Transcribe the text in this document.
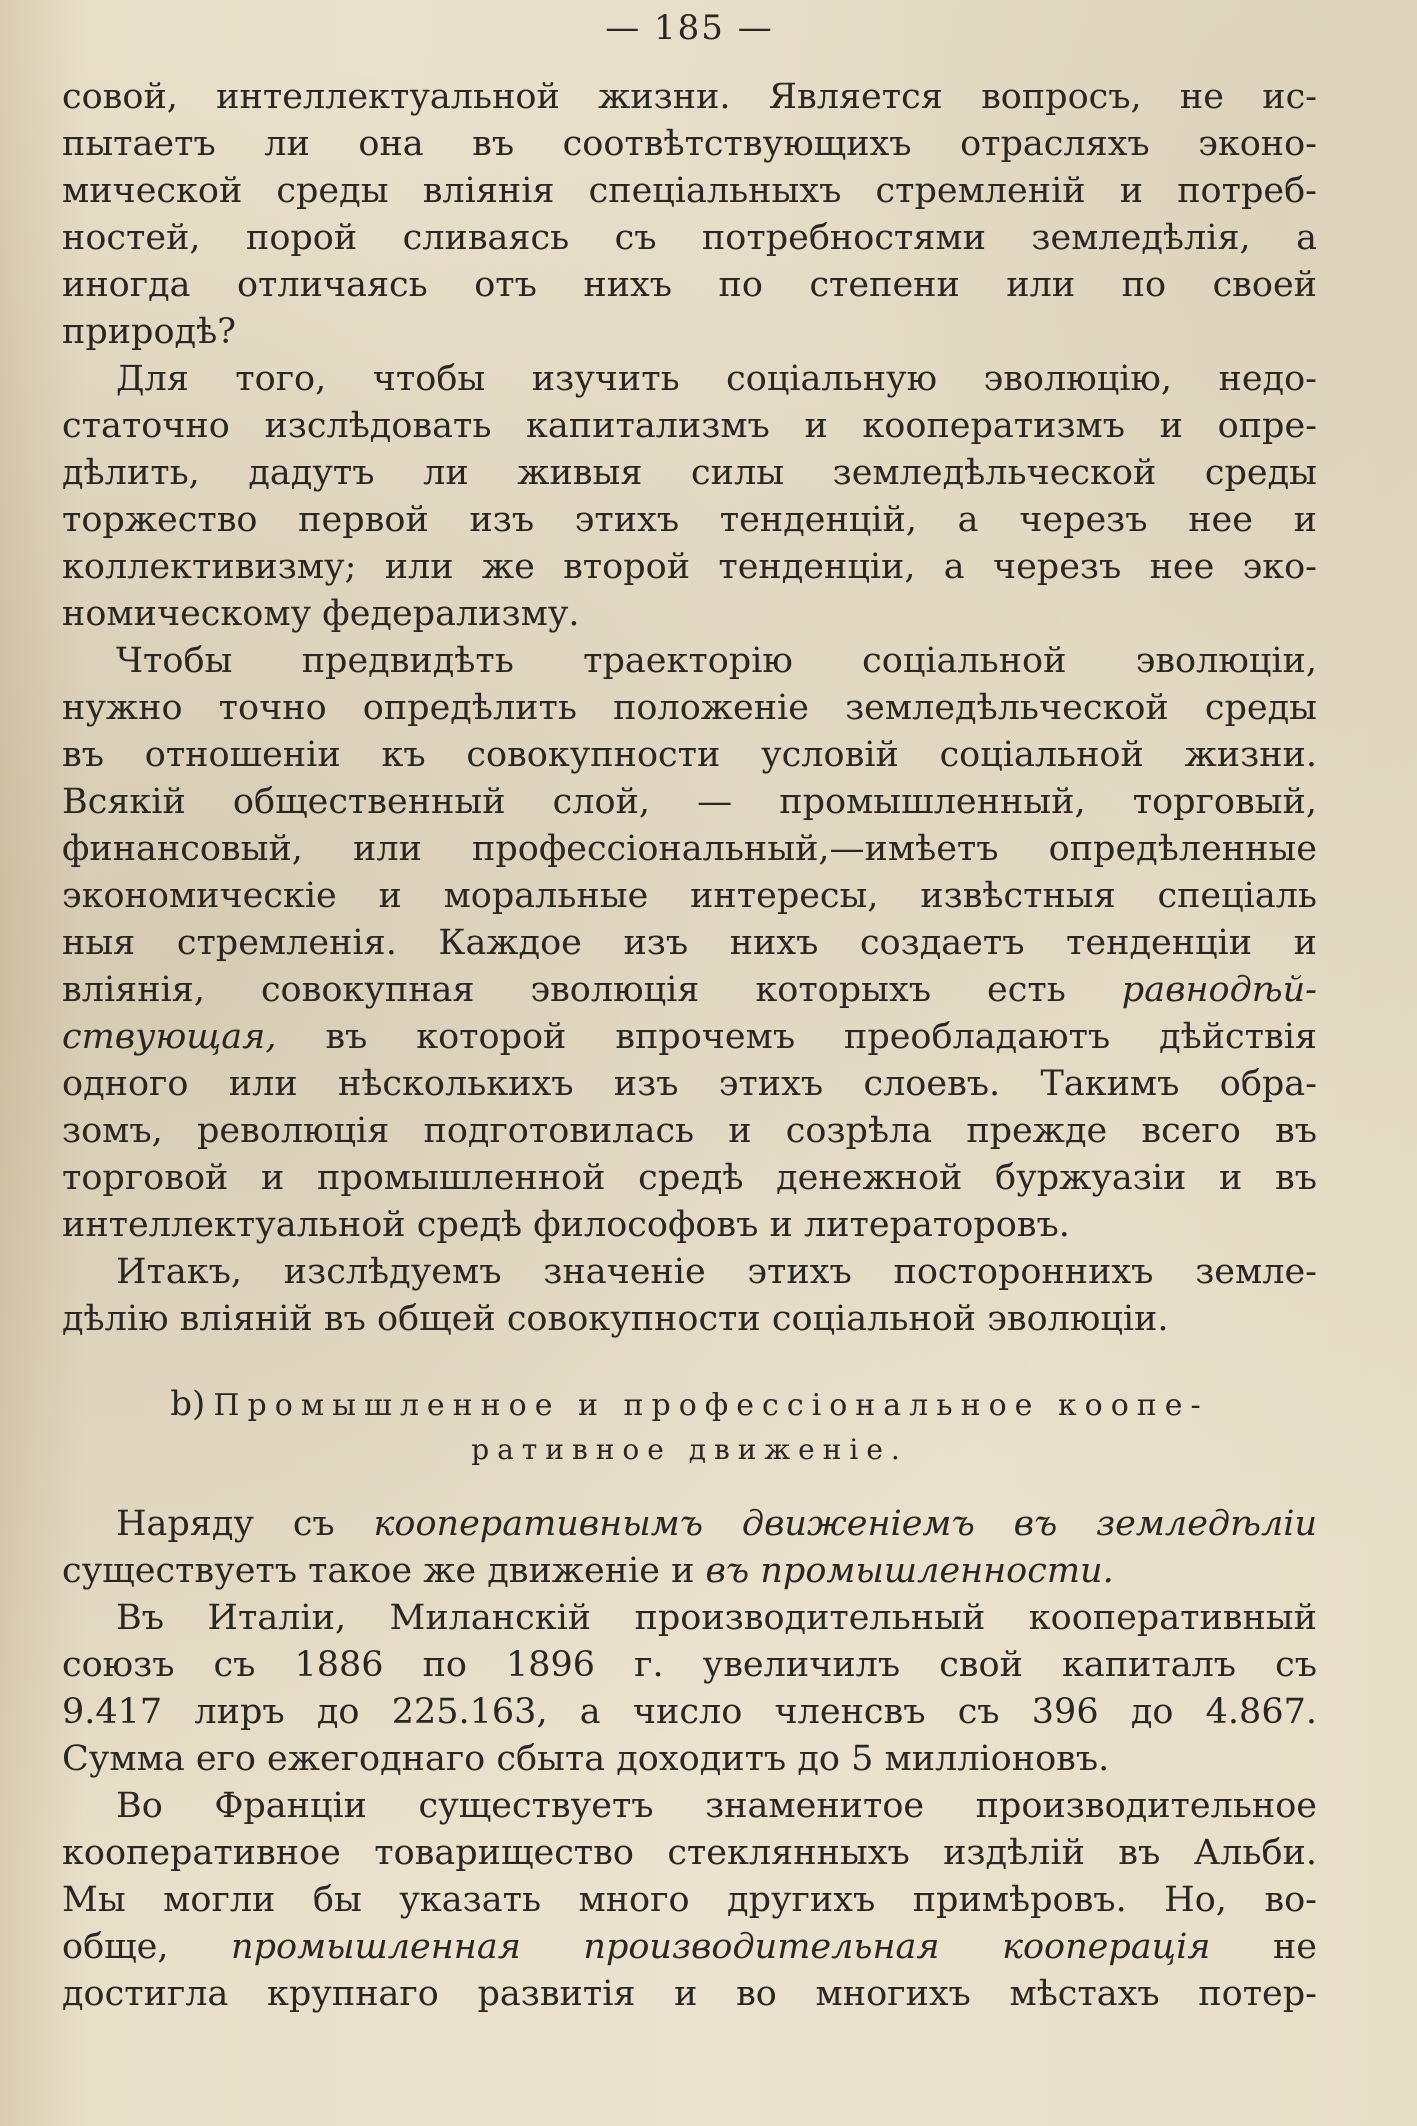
— 185 —
совой, интеллектуальной жизни. Является вопросъ, не ис-
пытаетъ ли она въ соотвѣтствующихъ отрасляхъ эконо-
мической среды влiянiя спецiальныхъ стремленiй и потреб-
ностей, порой сливаясь съ потребностями земледѣлiя, а
иногда отличаясь отъ нихъ по степени или по своей
природѣ?
Для того, чтобы изучить соцiальную эволюцiю, недо-
статочно изслѣдовать капитализмъ и кооператизмъ и опре-
дѣлить, дадутъ ли живыя силы земледѣльческой среды
торжество первой изъ этихъ тенденцiй, а черезъ нее и
коллективизму; или же второй тенденцiи, а черезъ нее эко-
номическому федерализму.
Чтобы предвидѣть траекторiю соцiальной эволюцiи,
нужно точно опредѣлить положенiе земледѣльческой среды
въ отношенiи къ совокупности условiй соцiальной жизни.
Всякiй общественный слой, — промышленный, торговый,
финансовый, или профессiональный,—имѣетъ опредѣленные
экономическiе и моральные интересы, извѣстныя спецiаль
ныя стремленiя. Каждое изъ нихъ создаетъ тенденцiи и
влiянiя, совокупная эволюцiя которыхъ есть равнодѣй-
ствующая, въ которой впрочемъ преобладаютъ дѣйствiя
одного или нѣсколькихъ изъ этихъ слоевъ. Такимъ обра-
зомъ, революцiя подготовилась и созрѣла прежде всего въ
торговой и промышленной средѣ денежной буржуазiи и въ
интеллектуальной средѣ философовъ и литераторовъ.
Итакъ, изслѣдуемъ значенiе этихъ постороннихъ земле-
дѣлiю влiянiй въ общей совокупности соцiальной эволюцiи.
b) Промышленное и профессiональное коопе-
ративное движенiе.
Наряду съ кооперативнымъ движенiемъ въ земледѣлiи
существуетъ такое же движенiе и въ промышленности.
Въ Италiи, Миланскiй производительный кооперативный
союзъ съ 1886 по 1896 г. увеличилъ свой капиталъ съ
9.417 лиръ до 225.163, а число членсвъ съ 396 до 4.867.
Сумма его ежегоднаго сбыта доходитъ до 5 миллiоновъ.
Во Францiи существуетъ знаменитое производительное
кооперативное товарищество стеклянныхъ издѣлiй въ Альби.
Мы могли бы указать много другихъ примѣровъ. Но, во-
обще, промышленная производительная кооперацiя не
достигла крупнаго развитiя и во многихъ мѣстахъ потер-
